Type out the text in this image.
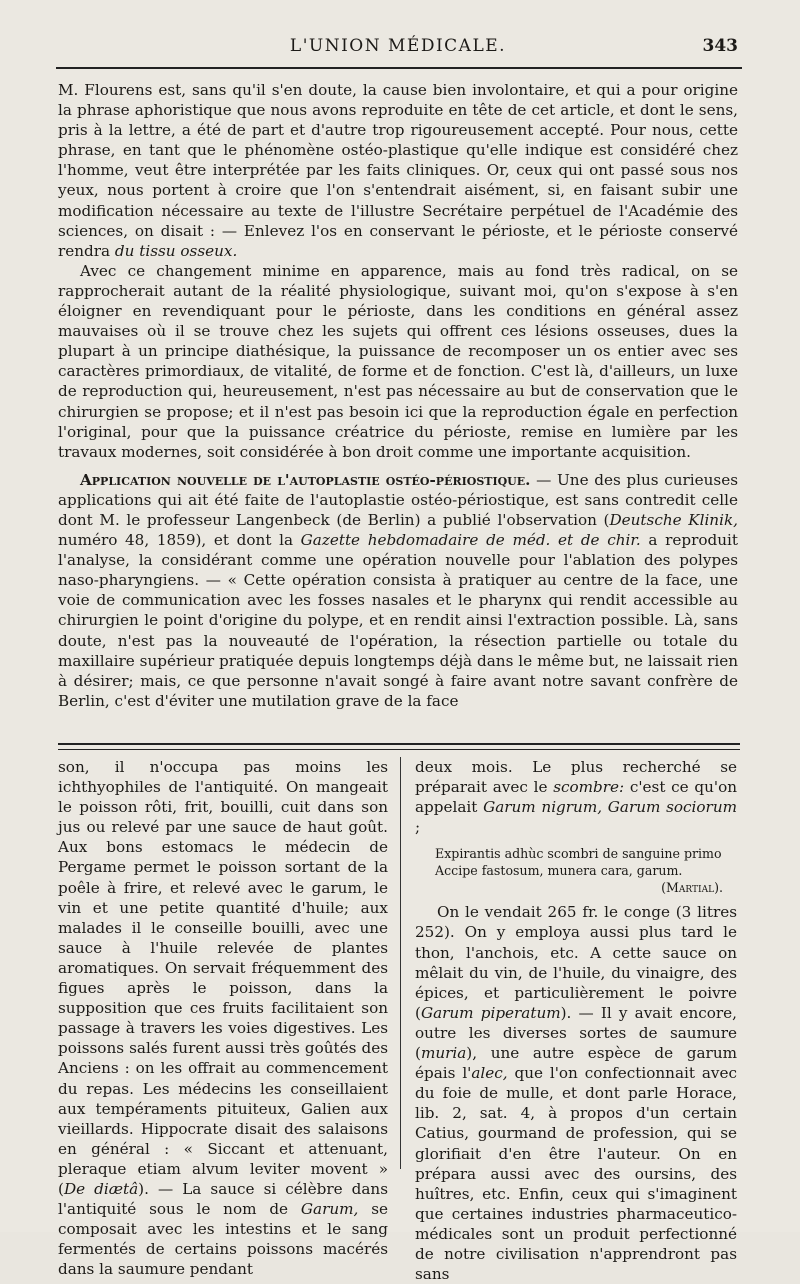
L'UNION MÉDICALE.	343

M. Flourens est, sans qu'il s'en doute, la cause bien involontaire, et qui a pour origine la phrase aphoristique que nous avons reproduite en tête de cet article, et dont le sens, pris à la lettre, a été de part et d'autre trop rigoureusement accepté. Pour nous, cette phrase, en tant que le phénomène ostéo-plastique qu'elle indique est considéré chez l'homme, veut être interprétée par les faits cliniques. Or, ceux qui ont passé sous nos yeux, nous portent à croire que l'on s'entendrait aisément, si, en faisant subir une modification nécessaire au texte de l'illustre Secrétaire perpétuel de l'Académie des sciences, on disait : — Enlevez l'os en conservant le périoste, et le périoste conservé rendra du tissu osseux.

Avec ce changement minime en apparence, mais au fond très radical, on se rapprocherait autant de la réalité physiologique, suivant moi, qu'on s'expose à s'en éloigner en revendiquant pour le périoste, dans les conditions en général assez mauvaises où il se trouve chez les sujets qui offrent ces lésions osseuses, dues la plupart à un principe diathésique, la puissance de recomposer un os entier avec ses caractères primordiaux, de vitalité, de forme et de fonction. C'est là, d'ailleurs, un luxe de reproduction qui, heureusement, n'est pas nécessaire au but de conservation que le chirurgien se propose; et il n'est pas besoin ici que la reproduction égale en perfection l'original, pour que la puissance créatrice du périoste, remise en lumière par les travaux modernes, soit considérée à bon droit comme une importante acquisition.

Application nouvelle de l'autoplastie ostéo-périostique. — Une des plus curieuses applications qui ait été faite de l'autoplastie ostéo-périostique, est sans contredit celle dont M. le professeur Langenbeck (de Berlin) a publié l'observation (Deutsche Klinik, numéro 48, 1859), et dont la Gazette hebdomadaire de méd. et de chir. a reproduit l'analyse, la considérant comme une opération nouvelle pour l'ablation des polypes naso-pharyngiens. — « Cette opération consista à pratiquer au centre de la face, une voie de communication avec les fosses nasales et le pharynx qui rendit accessible au chirurgien le point d'origine du polype, et en rendit ainsi l'extraction possible. Là, sans doute, n'est pas la nouveauté de l'opération, la résection partielle ou totale du maxillaire supérieur pratiquée depuis longtemps déjà dans le même but, ne laissait rien à désirer; mais, ce que personne n'avait songé à faire avant notre savant confrère de Berlin, c'est d'éviter une mutilation grave de la face

son, il n'occupa pas moins les ichthyophiles de l'antiquité. On mangeait le poisson rôti, frit, bouilli, cuit dans son jus ou relevé par une sauce de haut goût. Aux bons estomacs le médecin de Pergame permet le poisson sortant de la poêle à frire, et relevé avec le garum, le vin et une petite quantité d'huile; aux malades il le conseille bouilli, avec une sauce à l'huile relevée de plantes aromatiques. On servait fréquemment des figues après le poisson, dans la supposition que ces fruits facilitaient son passage à travers les voies digestives. Les poissons salés furent aussi très goûtés des Anciens : on les offrait au commencement du repas. Les médecins les conseillaient aux tempéraments pituiteux, Galien aux vieillards. Hippocrate disait des salaisons en général : « Siccant et attenuant, pleraque etiam alvum leviter movent » (De diætâ). — La sauce si célèbre dans l'antiquité sous le nom de Garum, se composait avec les intestins et le sang fermentés de certains poissons macérés dans la saumure pendant

deux mois. Le plus recherché se préparait avec le scombre: c'est ce qu'on appelait Garum nigrum, Garum sociorum ;

Expirantis adhùc scombri de sanguine primo
Accipe fastosum, munera cara, garum.
(Martial).

On le vendait 265 fr. le conge (3 litres 252). On y employa aussi plus tard le thon, l'anchois, etc. A cette sauce on mêlait du vin, de l'huile, du vinaigre, des épices, et particulièrement le poivre (Garum piperatum). — Il y avait encore, outre les diverses sortes de saumure (muria), une autre espèce de garum épais l'alec, que l'on confectionnait avec du foie de mulle, et dont parle Horace, lib. 2, sat. 4, à propos d'un certain Catius, gourmand de profession, qui se glorifiait d'en être l'auteur. On en prépara aussi avec des oursins, des huîtres, etc. Enfin, ceux qui s'imaginent que certaines industries pharmaceutico-médicales sont un produit perfectionné de notre civilisation n'apprendront pas sans
